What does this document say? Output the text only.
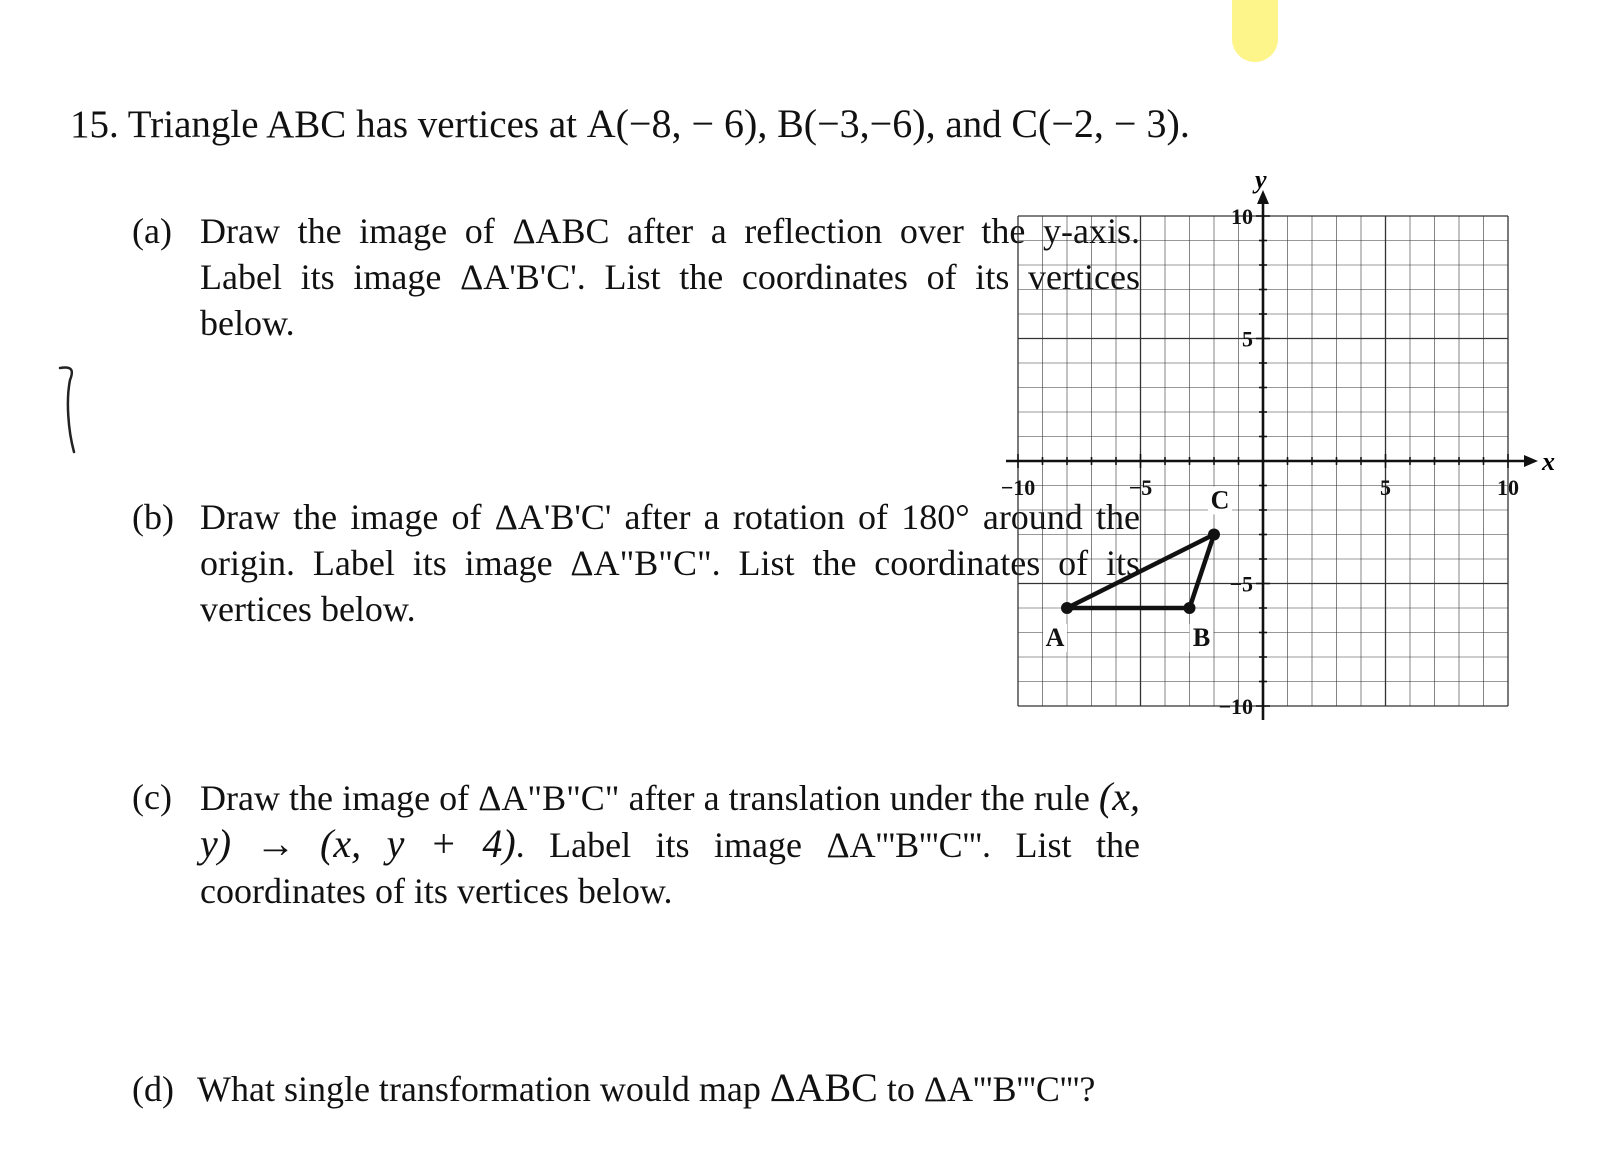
15. Triangle ABC has vertices at A(−8, − 6), B(−3,−6), and C(−2, − 3).
(a) Draw the image of ΔABC after a reflection over the y-axis. Label its image ΔA'B'C'. List the coordinates of its vertices below.
(b) Draw the image of ΔA'B'C' after a rotation of 180° around the origin. Label its image ΔA"B"C". List the coordinates of its vertices below.
(c) Draw the image of ΔA"B"C" after a translation under the rule (x, y) → (x, y + 4). Label its image ΔA'''B'''C'''. List the coordinates of its vertices below.
(d) What single transformation would map ΔABC to ΔA'''B'''C'''?
x
y
−10	−5	5	10
10
5
−5
−10
A	B
C
